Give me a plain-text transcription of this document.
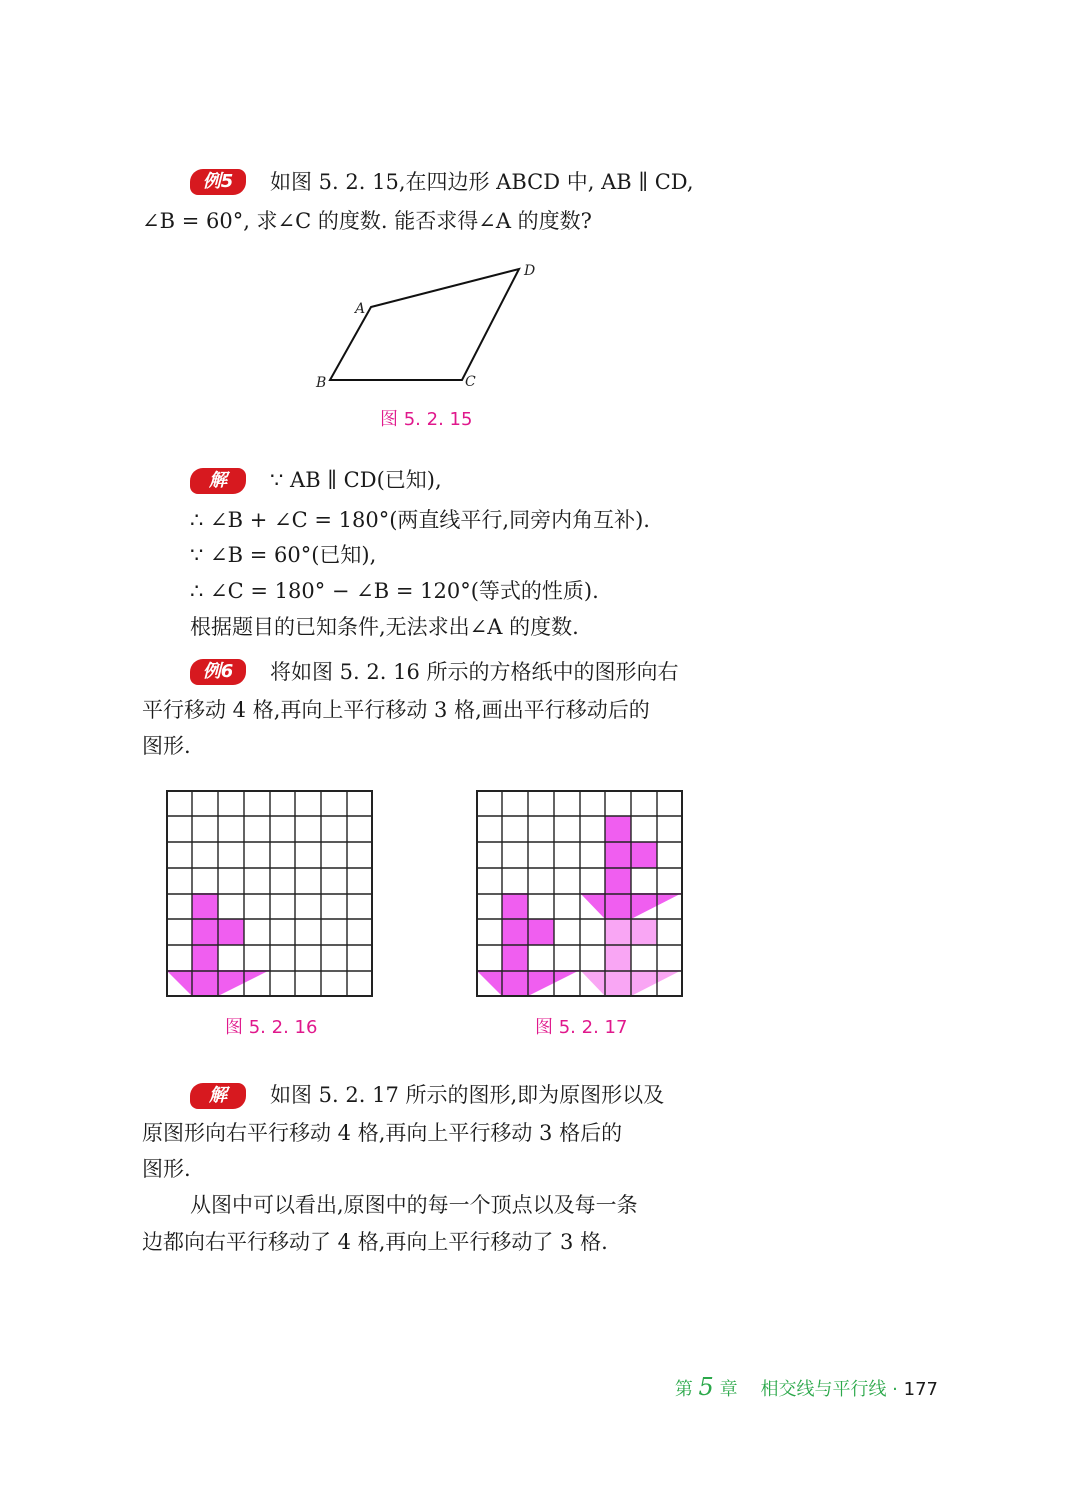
例5	如图 5. 2. 15,在四边形 ABCD 中, AB ∥ CD,
∠B = 60°, 求∠C 的度数. 能否求得∠A 的度数?
A
D
B	C
图 5. 2. 15
解	∵ AB ∥ CD(已知),
∴ ∠B + ∠C = 180°(两直线平行,同旁内角互补).
∵ ∠B = 60°(已知),
∴ ∠C = 180° − ∠B = 120°(等式的性质).
根据题目的已知条件,无法求出∠A 的度数.
例6	将如图 5. 2. 16 所示的方格纸中的图形向右
平行移动 4 格,再向上平行移动 3 格,画出平行移动后的
图形.
图 5. 2. 16	图 5. 2. 17
解	如图 5. 2. 17 所示的图形,即为原图形以及
原图形向右平行移动 4 格,再向上平行移动 3 格后的
图形.
从图中可以看出,原图中的每一个顶点以及每一条
边都向右平行移动了 4 格,再向上平行移动了 3 格.
第 5 章 相交线与平行线 · 177
